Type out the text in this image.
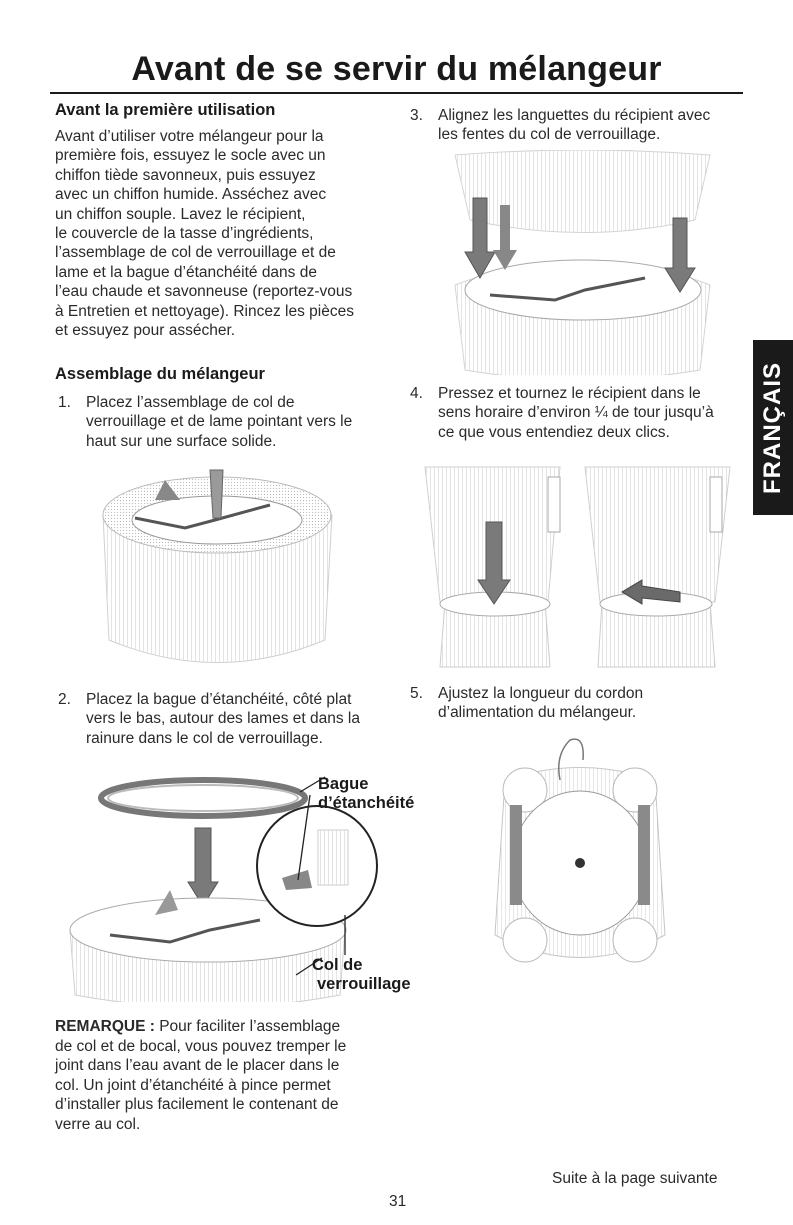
Avant de se servir du mélangeur
Avant la première utilisation
Avant d’utiliser votre mélangeur pour la
première fois, essuyez le socle avec un
chiffon tiède savonneux, puis essuyez
avec un chiffon humide. Asséchez avec
un chiffon souple. Lavez le récipient,
le couvercle de la tasse d’ingrédients,
l’assemblage de col de verrouillage et de
lame et la bague d’étanchéité dans de
l’eau chaude et savonneuse (reportez-vous
à Entretien et nettoyage). Rincez les pièces
et essuyez pour assécher.
Assemblage du mélangeur
1. Placez l’assemblage de col de
verrouillage et de lame pointant vers le
haut sur une surface solide.
2. Placez la bague d’étanchéité, côté plat
vers le bas, autour des lames et dans la
rainure dans le col de verrouillage.
Bague
d’étanchéité
Col de
verrouillage
REMARQUE : Pour faciliter l’assemblage
de col et de bocal, vous pouvez tremper le
joint dans l’eau avant de le placer dans le
col. Un joint d’étanchéité à pince permet
d’installer plus facilement le contenant de
verre au col.
3. Alignez les languettes du récipient avec
les fentes du col de verrouillage.
4. Pressez et tournez le récipient dans le
sens horaire d’environ ¼ de tour jusqu’à
ce que vous entendiez deux clics.
5. Ajustez la longueur du cordon
d’alimentation du mélangeur.
FRANÇAIS
Suite à la page suivante
31
